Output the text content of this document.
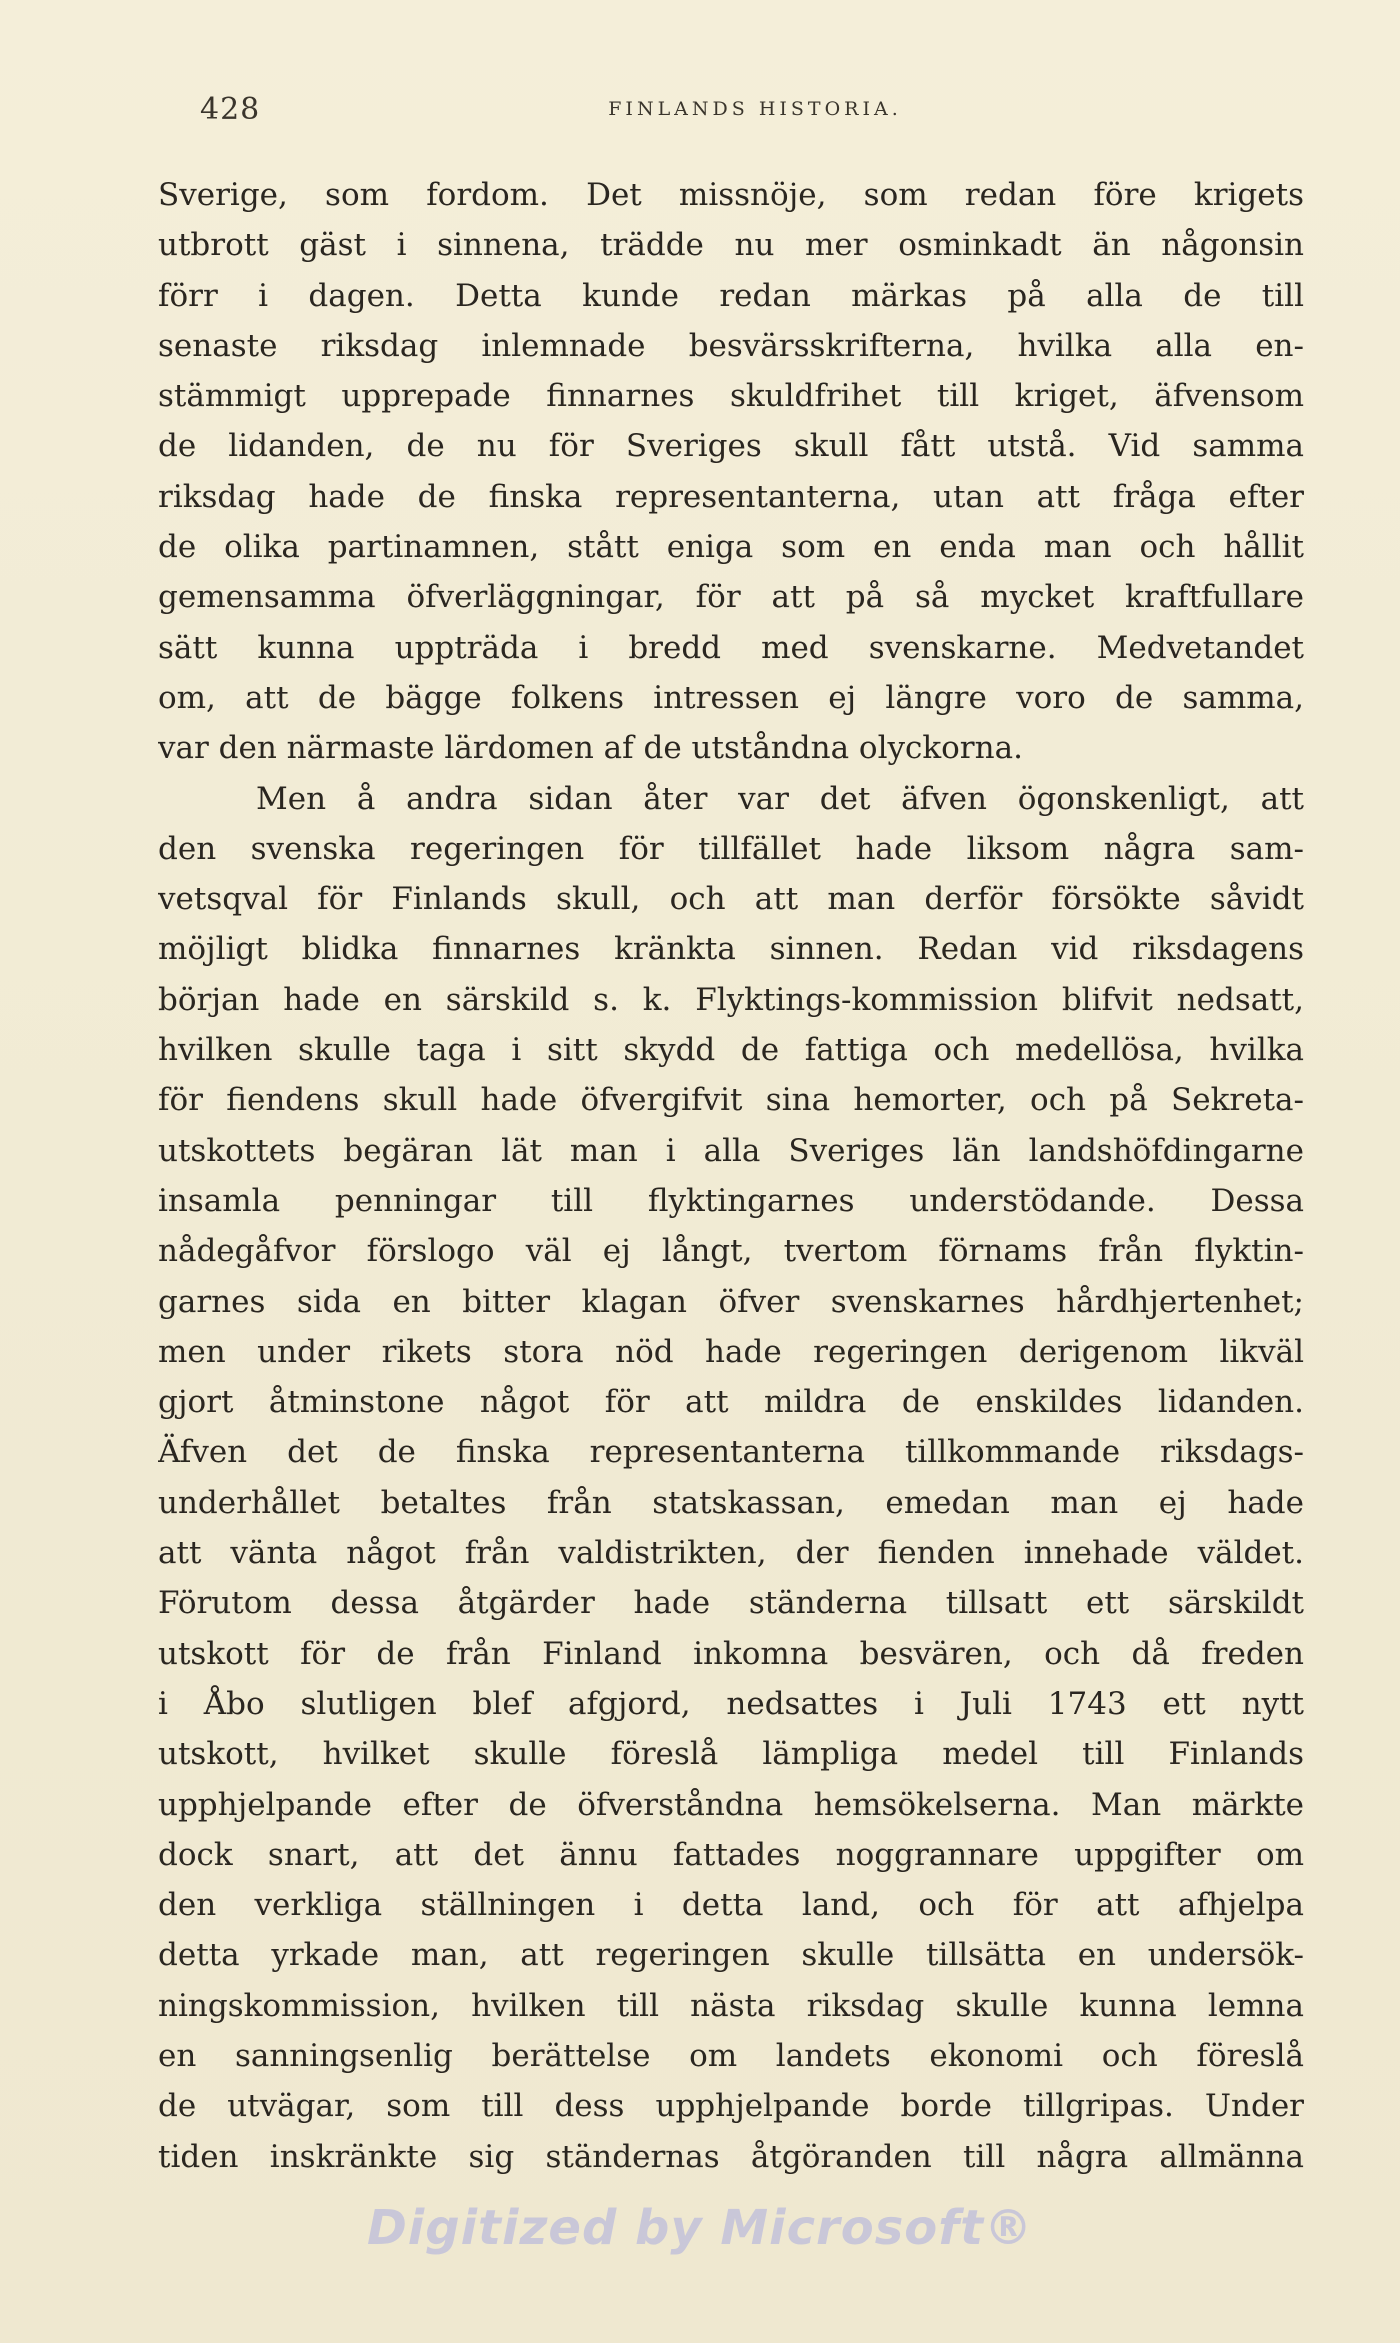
428	FINLANDS HISTORIA.
Sverige, som fordom. Det missnöje, som redan före krigets
utbrott gäst i sinnena, trädde nu mer osminkadt än någonsin
förr i dagen. Detta kunde redan märkas på alla de till
senaste riksdag inlemnade besvärsskrifterna, hvilka alla en-
stämmigt upprepade finnarnes skuldfrihet till kriget, äfvensom
de lidanden, de nu för Sveriges skull fått utstå. Vid samma
riksdag hade de finska representanterna, utan att fråga efter
de olika partinamnen, stått eniga som en enda man och hållit
gemensamma öfverläggningar, för att på så mycket kraftfullare
sätt kunna uppträda i bredd med svenskarne. Medvetandet
om, att de bägge folkens intressen ej längre voro de samma,
var den närmaste lärdomen af de utståndna olyckorna.
Men å andra sidan åter var det äfven ögonskenligt, att
den svenska regeringen för tillfället hade liksom några sam-
vetsqval för Finlands skull, och att man derför försökte såvidt
möjligt blidka finnarnes kränkta sinnen. Redan vid riksdagens
början hade en särskild s. k. Flyktings-kommission blifvit nedsatt,
hvilken skulle taga i sitt skydd de fattiga och medellösa, hvilka
för fiendens skull hade öfvergifvit sina hemorter, och på Sekreta-
utskottets begäran lät man i alla Sveriges län landshöfdingarne
insamla penningar till flyktingarnes understödande. Dessa
nådegåfvor förslogo väl ej långt, tvertom förnams från flyktin-
garnes sida en bitter klagan öfver svenskarnes hårdhjertenhet;
men under rikets stora nöd hade regeringen derigenom likväl
gjort åtminstone något för att mildra de enskildes lidanden.
Äfven det de finska representanterna tillkommande riksdags-
underhållet betaltes från statskassan, emedan man ej hade
att vänta något från valdistrikten, der fienden innehade väldet.
Förutom dessa åtgärder hade ständerna tillsatt ett särskildt
utskott för de från Finland inkomna besvären, och då freden
i Åbo slutligen blef afgjord, nedsattes i Juli 1743 ett nytt
utskott, hvilket skulle föreslå lämpliga medel till Finlands
upphjelpande efter de öfverståndna hemsökelserna. Man märkte
dock snart, att det ännu fattades noggrannare uppgifter om
den verkliga ställningen i detta land, och för att afhjelpa
detta yrkade man, att regeringen skulle tillsätta en undersök-
ningskommission, hvilken till nästa riksdag skulle kunna lemna
en sanningsenlig berättelse om landets ekonomi och föreslå
de utvägar, som till dess upphjelpande borde tillgripas. Under
tiden inskränkte sig ständernas åtgöranden till några allmänna
Digitized by Microsoft®
